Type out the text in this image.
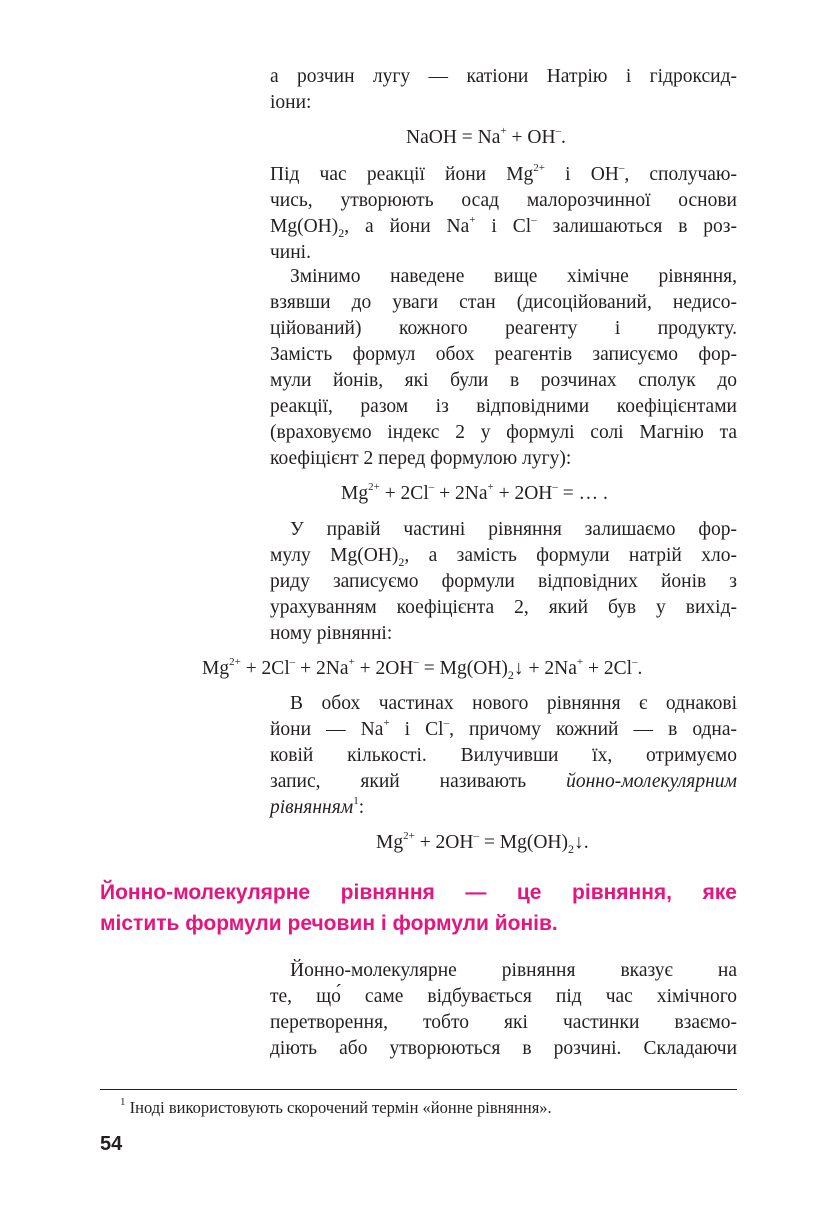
а розчин лугу — катіони Натрію і гідроксид-
іони:
NaOH = Na+ + OH–.
Під час реакції йони $Mg^{2+}$ і OH–, сполучаю-
чись, утворюють осад малорозчинної основи
$Mg(OH)_2$, а йони Na+ і Cl– залишаються в роз-
чині.
Змінимо наведене вище хімічне рівняння,
взявши до уваги стан (дисоційований, недисо-
ційований) кожного реагенту і продукту.
Замість формул обох реагентів записуємо фор-
мули йонів, які були в розчинах сполук до
реакції, разом із відповідними коефіцієнтами
(враховуємо індекс 2 у формулі солі Магнію та
коефіцієнт 2 перед формулою лугу):
$Mg^{2+} + 2Cl^- + 2Na^+ + 2OH^-$ = … .
У правій частині рівняння залишаємо фор-
мулу $Mg(OH)_2$, а замість формули натрій хло-
риду записуємо формули відповідних йонів з
урахуванням коефіцієнта 2, який був у вихід-
ному рівнянні:
$Mg^{2+} + 2Cl^- + 2Na^+ + 2OH^-$ = $Mg(OH)_2↓ + 2Na^+ + 2Cl^-$.
В обох частинах нового рівняння є однакові
йони — Na+ і Cl–, причому кожний — в одна-
ковій кількості. Вилучивши їх, отримуємо
запис, який називають йонно-молекулярним
рівнянням$^1$:
$Mg^{2+} + 2OH^-$ = $Mg(OH)_2↓$.
Йонно-молекулярне рівняння — це рівняння, яке
містить формули речовин і формули йонів.
Йонно-молекулярне рівняння вказує на
те, що́ саме відбувається під час хімічного
перетворення, тобто які частинки взаємо-
діють або утворюються в розчині. Складаючи
$^1$ Іноді використовують скорочений термін «йонне рівняння».
54
